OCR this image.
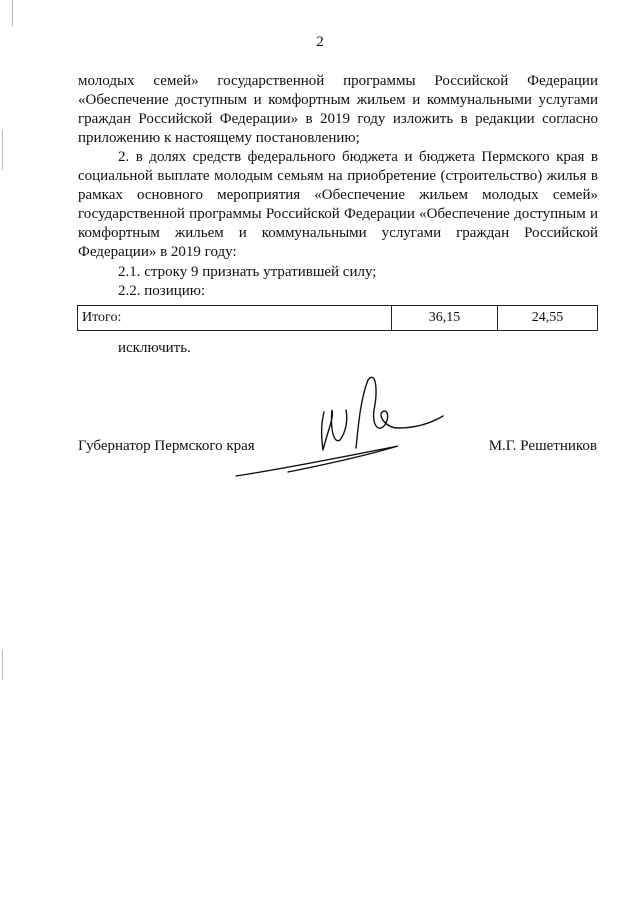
2

молодых семей» государственной программы Российской Федерации «Обеспечение доступным и комфортным жильем и коммунальными услугами граждан Российской Федерации» в 2019 году изложить в редакции согласно приложению к настоящему постановлению;

2. в долях средств федерального бюджета и бюджета Пермского края в социальной выплате молодым семьям на приобретение (строительство) жилья в рамках основного мероприятия «Обеспечение жильем молодых семей» государственной программы Российской Федерации «Обеспечение доступным и комфортным жильем и коммунальными услугами граждан Российской Федерации» в 2019 году:

2.1. строку 9 признать утратившей силу;
2.2. позицию:
Итого:	36,15	24,55
исключить.
Губернатор Пермского края	М.Г. Решетников
